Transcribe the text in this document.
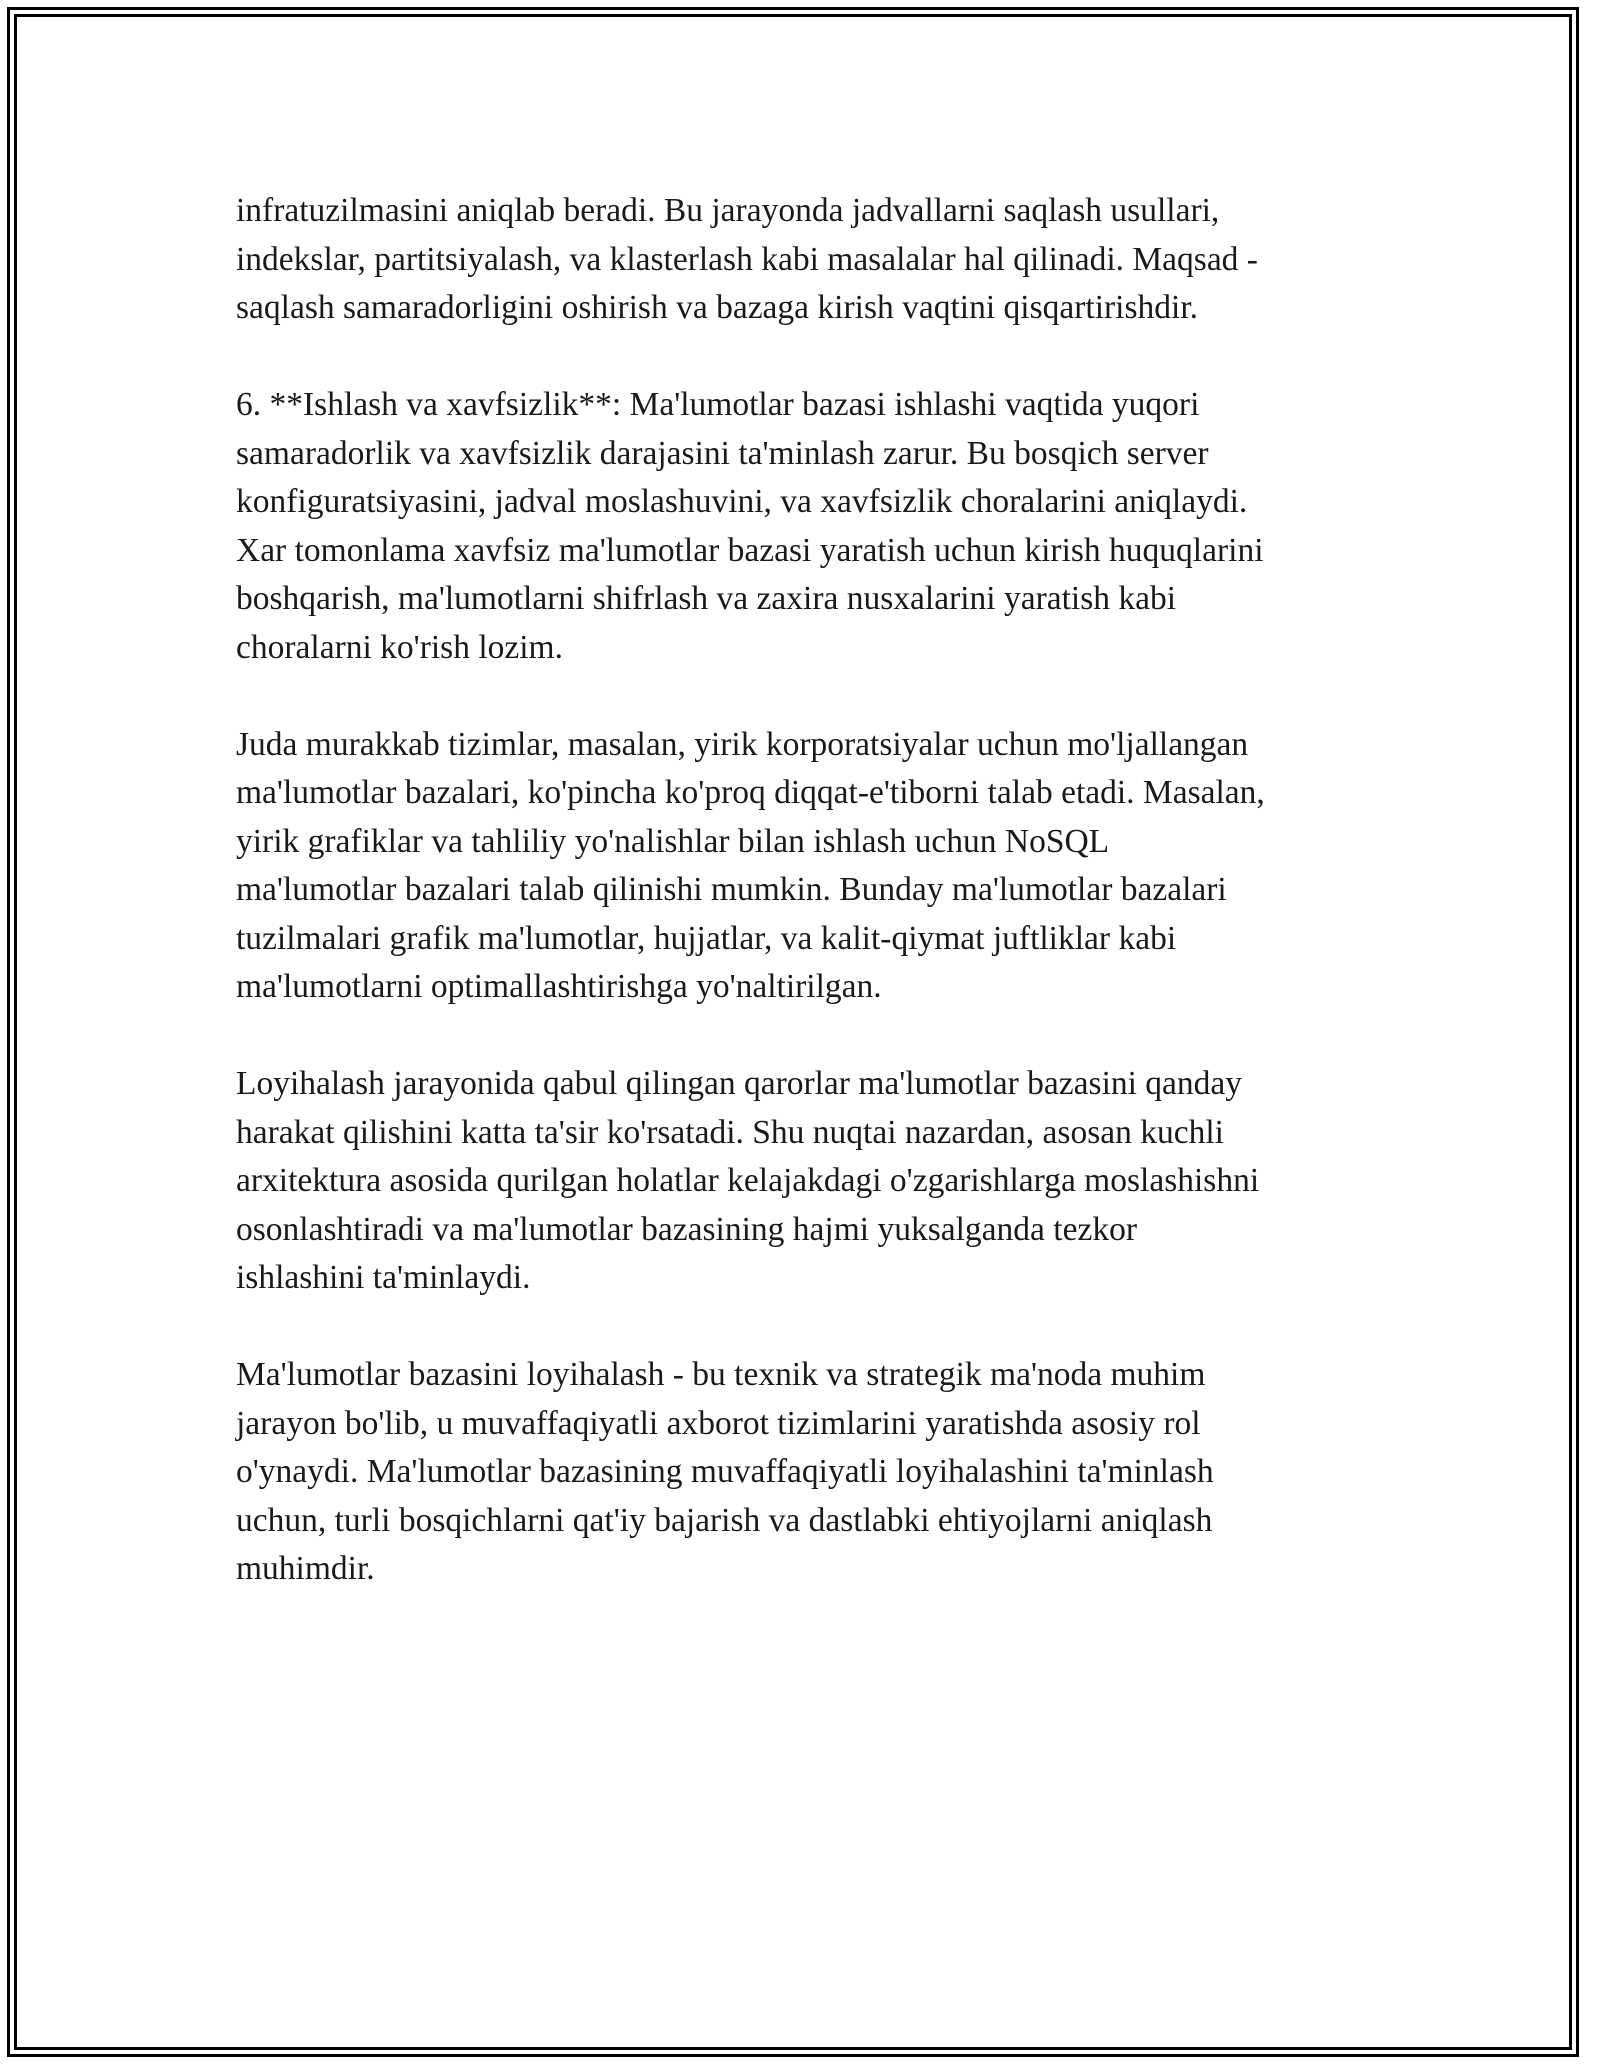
infratuzilmasini aniqlab beradi. Bu jarayonda jadvallarni saqlash usullari,
indekslar, partitsiyalash, va klasterlash kabi masalalar hal qilinadi. Maqsad -
saqlash samaradorligini oshirish va bazaga kirish vaqtini qisqartirishdir.

6. **Ishlash va xavfsizlik**: Ma'lumotlar bazasi ishlashi vaqtida yuqori
samaradorlik va xavfsizlik darajasini ta'minlash zarur. Bu bosqich server
konfiguratsiyasini, jadval moslashuvini, va xavfsizlik choralarini aniqlaydi.
Xar tomonlama xavfsiz ma'lumotlar bazasi yaratish uchun kirish huquqlarini
boshqarish, ma'lumotlarni shifrlash va zaxira nusxalarini yaratish kabi
choralarni ko'rish lozim.

Juda murakkab tizimlar, masalan, yirik korporatsiyalar uchun mo'ljallangan
ma'lumotlar bazalari, ko'pincha ko'proq diqqat-e'tiborni talab etadi. Masalan,
yirik grafiklar va tahliliy yo'nalishlar bilan ishlash uchun NoSQL
ma'lumotlar bazalari talab qilinishi mumkin. Bunday ma'lumotlar bazalari
tuzilmalari grafik ma'lumotlar, hujjatlar, va kalit-qiymat juftliklar kabi
ma'lumotlarni optimallashtirishga yo'naltirilgan.

Loyihalash jarayonida qabul qilingan qarorlar ma'lumotlar bazasini qanday
harakat qilishini katta ta'sir ko'rsatadi. Shu nuqtai nazardan, asosan kuchli
arxitektura asosida qurilgan holatlar kelajakdagi o'zgarishlarga moslashishni
osonlashtiradi va ma'lumotlar bazasining hajmi yuksalganda tezkor
ishlashini ta'minlaydi.

Ma'lumotlar bazasini loyihalash - bu texnik va strategik ma'noda muhim
jarayon bo'lib, u muvaffaqiyatli axborot tizimlarini yaratishda asosiy rol
o'ynaydi. Ma'lumotlar bazasining muvaffaqiyatli loyihalashini ta'minlash
uchun, turli bosqichlarni qat'iy bajarish va dastlabki ehtiyojlarni aniqlash
muhimdir.
